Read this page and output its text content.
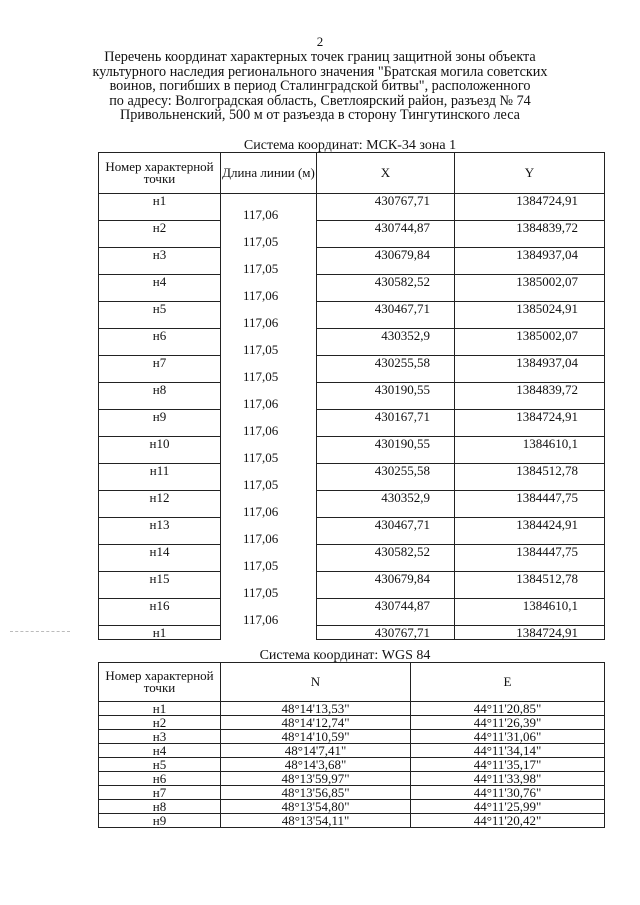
2
Перечень координат характерных точек границ защитной зоны объекта
культурного наследия регионального значения "Братская могила советских
воинов, погибших в период Сталинградской битвы", расположенного
по адресу: Волгоградская область, Светлоярский район, разъезд № 74
Привольненский, 500 м от разъезда в сторону Тингутинского леса
Система координат: МСК-34 зона 1
Номер характерной точки	Длина линии (м)	X	Y
н1		430767,71	1384724,91
	117,06		
н2		430744,87	1384839,72
	117,05		
н3		430679,84	1384937,04
	117,05		
н4		430582,52	1385002,07
	117,06		
н5		430467,71	1385024,91
	117,06		
н6		430352,9	1385002,07
	117,05		
н7		430255,58	1384937,04
	117,05		
н8		430190,55	1384839,72
	117,06		
н9		430167,71	1384724,91
	117,06		
н10		430190,55	1384610,1
	117,05		
н11		430255,58	1384512,78
	117,05		
н12		430352,9	1384447,75
	117,06		
н13		430467,71	1384424,91
	117,06		
н14		430582,52	1384447,75
	117,05		
н15		430679,84	1384512,78
	117,05		
н16		430744,87	1384610,1
	117,06		
н1		430767,71	1384724,91
Система координат: WGS 84
Номер характерной точки	N	E
н1	48°14'13,53"	44°11'20,85"
н2	48°14'12,74"	44°11'26,39"
н3	48°14'10,59"	44°11'31,06"
н4	48°14'7,41"	44°11'34,14"
н5	48°14'3,68"	44°11'35,17"
н6	48°13'59,97"	44°11'33,98"
н7	48°13'56,85"	44°11'30,76"
н8	48°13'54,80"	44°11'25,99"
н9	48°13'54,11"	44°11'20,42"
